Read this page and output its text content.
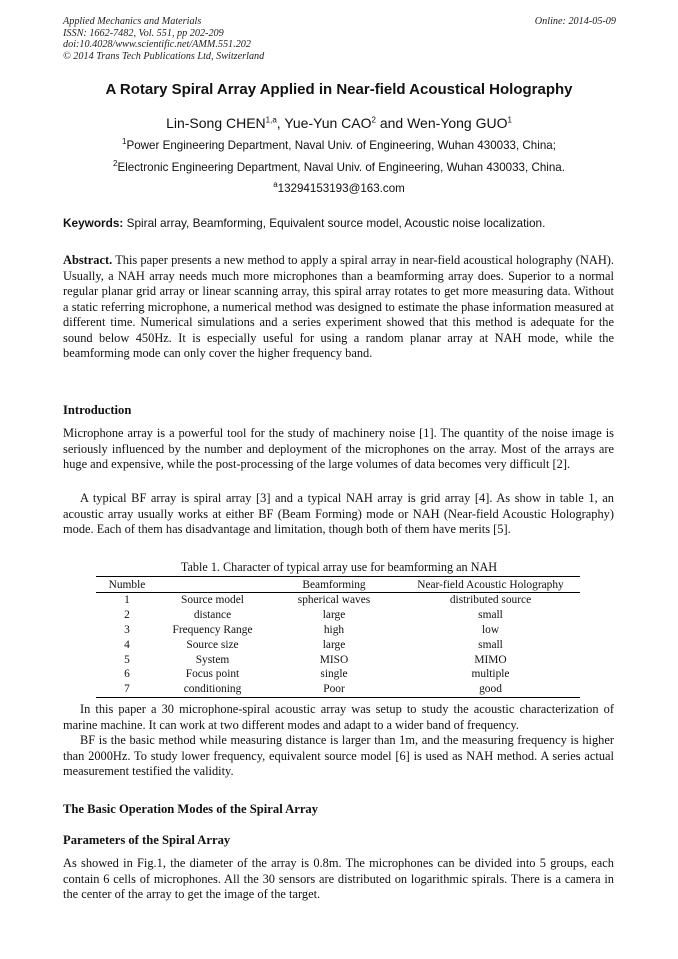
Applied Mechanics and Materials
ISSN: 1662-7482, Vol. 551, pp 202-209
doi:10.4028/www.scientific.net/AMM.551.202
© 2014 Trans Tech Publications Ltd, Switzerland
Online: 2014-05-09
A Rotary Spiral Array Applied in Near-field Acoustical Holography
Lin-Song CHEN$^{1,a}$, Yue-Yun CAO$^2$ and Wen-Yong GUO$^1$
$^1$Power Engineering Department, Naval Univ. of Engineering, Wuhan 430033, China;
$^2$Electronic Engineering Department, Naval Univ. of Engineering, Wuhan 430033, China.
$^a$13294153193@163.com
Keywords: Spiral array, Beamforming, Equivalent source model, Acoustic noise localization.
Abstract. This paper presents a new method to apply a spiral array in near-field acoustical holography (NAH). Usually, a NAH array needs much more microphones than a beamforming array does. Superior to a normal regular planar grid array or linear scanning array, this spiral array rotates to get more measuring data. Without a static referring microphone, a numerical method was designed to estimate the phase information measured at different time. Numerical simulations and a series experiment showed that this method is adequate for the sound below 450Hz. It is especially useful for using a random planar array at NAH mode, while the beamforming mode can only cover the higher frequency band.
Introduction
Microphone array is a powerful tool for the study of machinery noise [1]. The quantity of the noise image is seriously influenced by the number and deployment of the microphones on the array. Most of the arrays are huge and expensive, while the post-processing of the large volumes of data becomes very difficult [2].
A typical BF array is spiral array [3] and a typical NAH array is grid array [4]. As show in table 1, an acoustic array usually works at either BF (Beam Forming) mode or NAH (Near-field Acoustic Holography) mode. Each of them has disadvantage and limitation, though both of them have merits [5].
Table 1. Character of typical array use for beamforming an NAH
Numble		Beamforming	Near-field Acoustic Holography
1	Source model	spherical waves	distributed source
2	distance	large	small
3	Frequency Range	high	low
4	Source size	large	small
5	System	MISO	MIMO
6	Focus point	single	multiple
7	conditioning	Poor	good
In this paper a 30 microphone-spiral acoustic array was setup to study the acoustic characterization of marine machine. It can work at two different modes and adapt to a wider band of frequency.
BF is the basic method while measuring distance is larger than 1m, and the measuring frequency is higher than 2000Hz. To study lower frequency, equivalent source model [6] is used as NAH method. A series actual measurement testified the validity.
The Basic Operation Modes of the Spiral Array
Parameters of the Spiral Array
As showed in Fig.1, the diameter of the array is 0.8m. The microphones can be divided into 5 groups, each contain 6 cells of microphones. All the 30 sensors are distributed on logarithmic spirals. There is a camera in the center of the array to get the image of the target.
